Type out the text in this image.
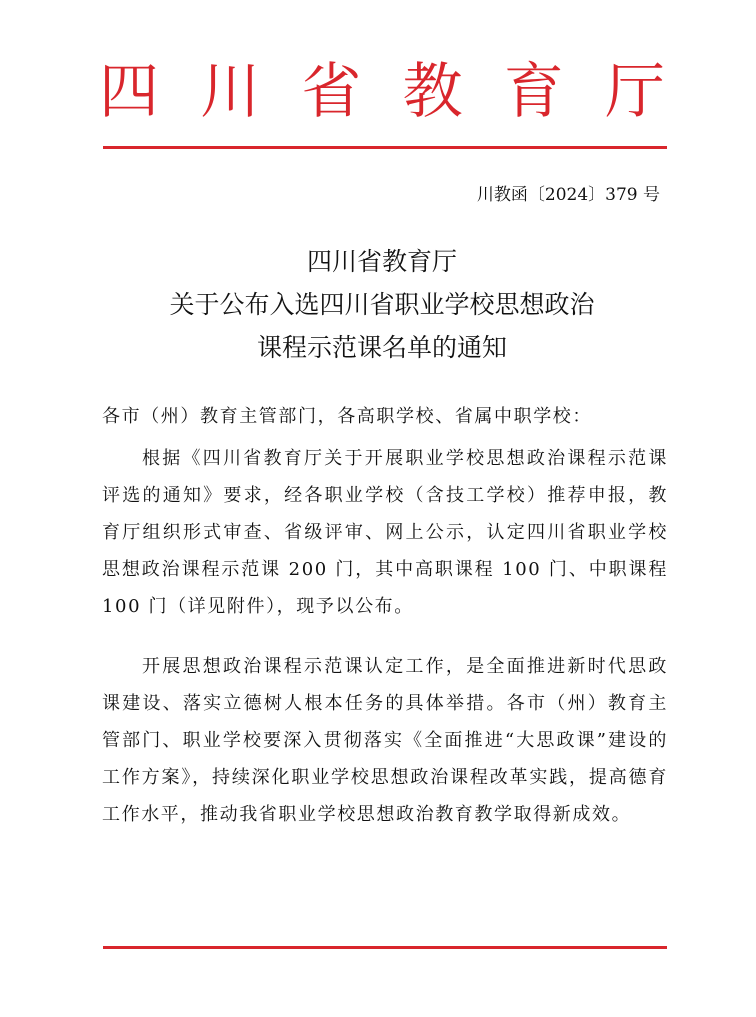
四 川 省 教 育 厅
川教函〔2024〕379 号
四川省教育厅
关于公布入选四川省职业学校思想政治
课程示范课名单的通知
各市（州）教育主管部门，各高职学校、省属中职学校：
根据《四川省教育厅关于开展职业学校思想政治课程示范课评选的通知》要求，经各职业学校（含技工学校）推荐申报，教育厅组织形式审查、省级评审、网上公示，认定四川省职业学校思想政治课程示范课 200 门，其中高职课程 100 门、中职课程 100 门（详见附件），现予以公布。
开展思想政治课程示范课认定工作，是全面推进新时代思政课建设、落实立德树人根本任务的具体举措。各市（州）教育主管部门、职业学校要深入贯彻落实《全面推进“大思政课”建设的工作方案》，持续深化职业学校思想政治课程改革实践，提高德育工作水平，推动我省职业学校思想政治教育教学取得新成效。
